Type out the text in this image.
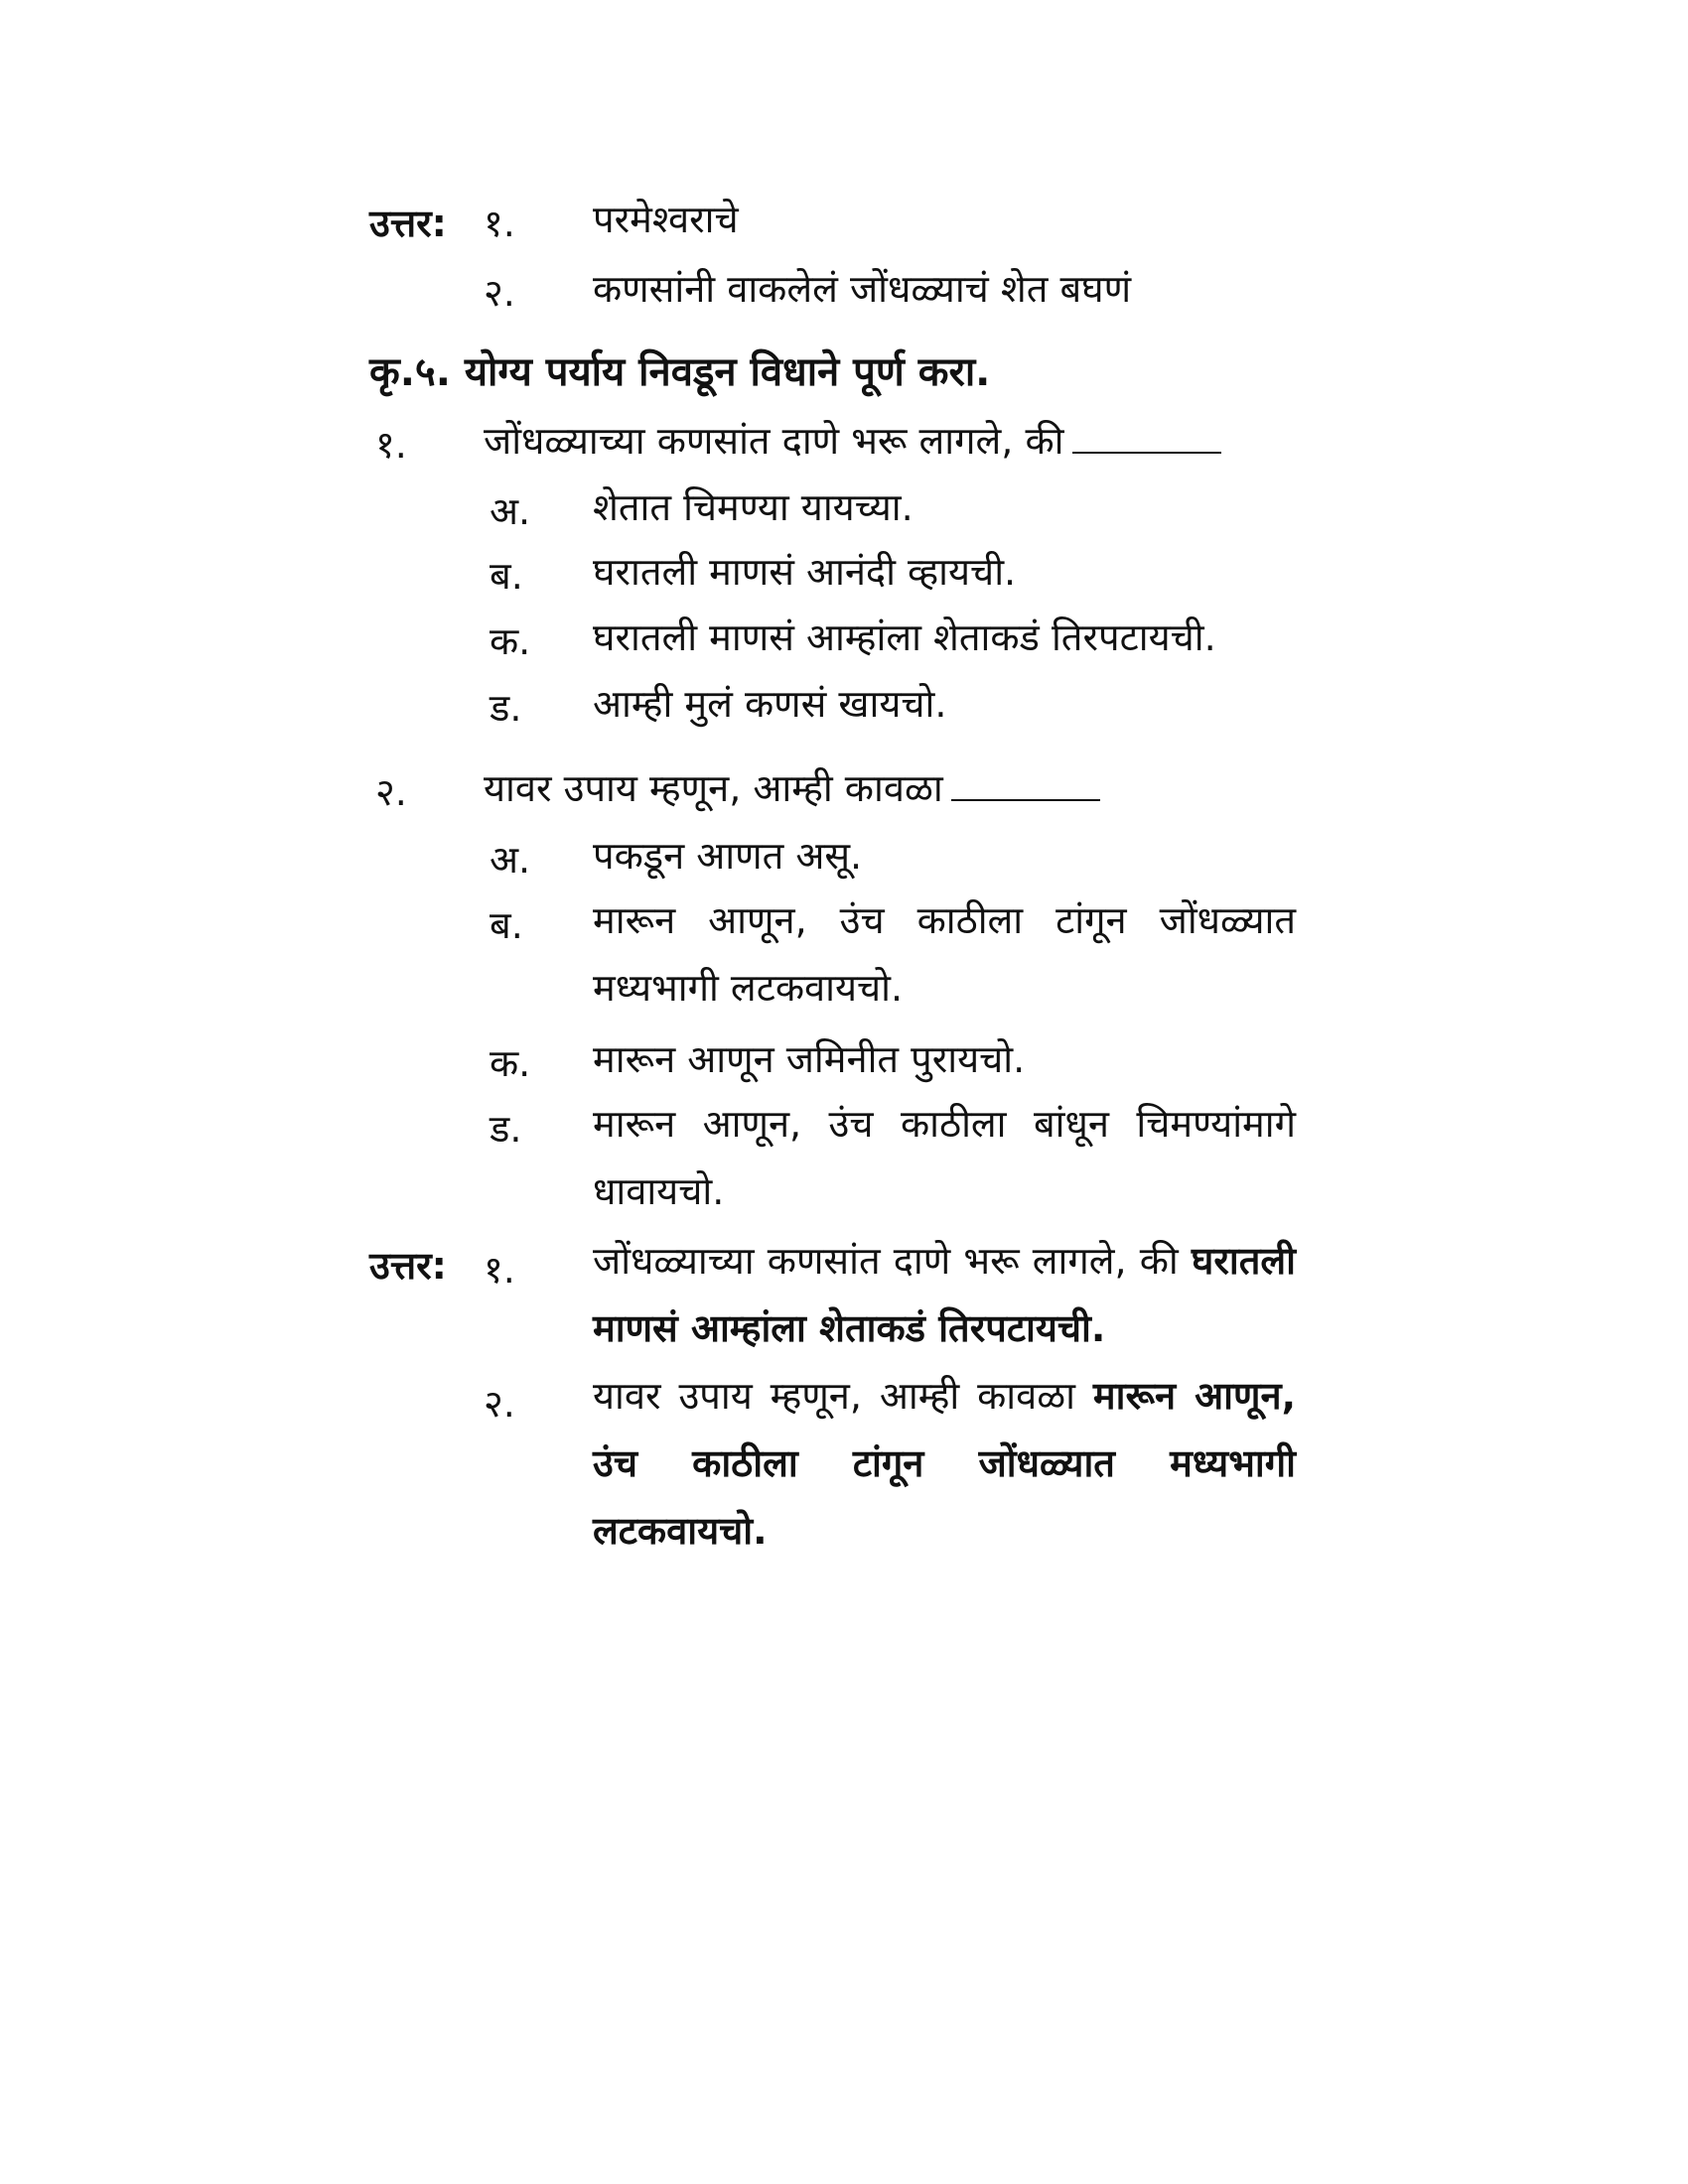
उत्तर: १. परमेश्वराचे
२. कणसांनी वाकलेलं जोंधळ्याचं शेत बघणं
कृ.५. योग्य पर्याय निवडून विधाने पूर्ण करा.
१. जोंधळ्याच्या कणसांत दाणे भरू लागले, की
अ. शेतात चिमण्या यायच्या.
ब. घरातली माणसं आनंदी व्हायची.
क. घरातली माणसं आम्हांला शेताकडं तिरपटायची.
ड. आम्ही मुलं कणसं खायचो.
२. यावर उपाय म्हणून, आम्ही कावळा
अ. पकडून आणत असू.
ब. मारून आणून, उंच काठीला टांगून जोंधळ्यात मध्यभागी लटकवायचो.
क. मारून आणून जमिनीत पुरायचो.
ड. मारून आणून, उंच काठीला बांधून चिमण्यांमागे धावायचो.
उत्तर: १. जोंधळ्याच्या कणसांत दाणे भरू लागले, की घरातली माणसं आम्हांला शेताकडं तिरपटायची.
२. यावर उपाय म्हणून, आम्ही कावळा मारून आणून, उंच काठीला टांगून जोंधळ्यात मध्यभागी लटकवायचो.
